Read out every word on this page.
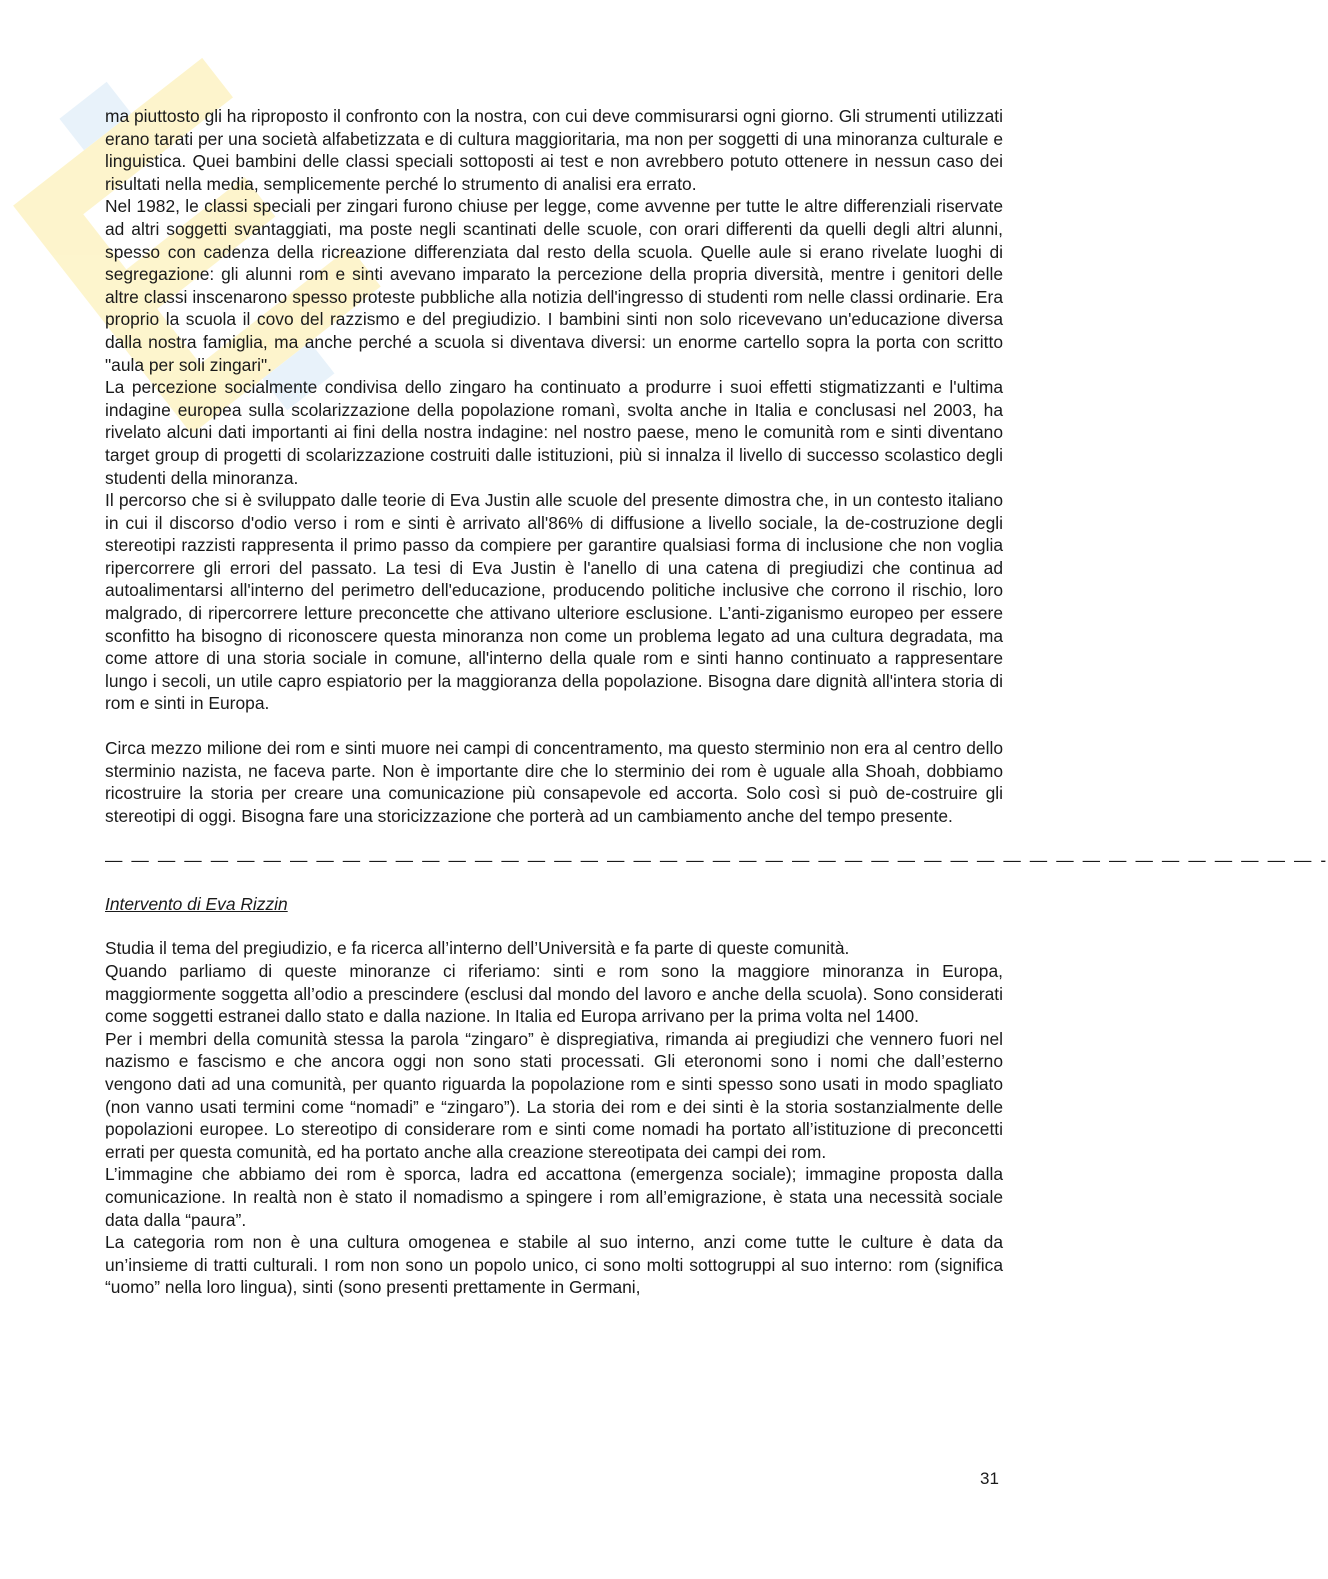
ma piuttosto gli ha riproposto il confronto con la nostra, con cui deve commisurarsi ogni giorno. Gli strumenti utilizzati erano tarati per una società alfabetizzata e di cultura maggioritaria, ma non per soggetti di una minoranza culturale e linguistica. Quei bambini delle classi speciali sottoposti ai test e non avrebbero potuto ottenere in nessun caso dei risultati nella media, semplicemente perché lo strumento di analisi era errato.

Nel 1982, le classi speciali per zingari furono chiuse per legge, come avvenne per tutte le altre differenziali riservate ad altri soggetti svantaggiati, ma poste negli scantinati delle scuole, con orari differenti da quelli degli altri alunni, spesso con cadenza della ricreazione differenziata dal resto della scuola. Quelle aule si erano rivelate luoghi di segregazione: gli alunni rom e sinti avevano imparato la percezione della propria diversità, mentre i genitori delle altre classi inscenarono spesso proteste pubbliche alla notizia dell'ingresso di studenti rom nelle classi ordinarie. Era proprio la scuola il covo del razzismo e del pregiudizio. I bambini sinti non solo ricevevano un'educazione diversa dalla nostra famiglia, ma anche perché a scuola si diventava diversi: un enorme cartello sopra la porta con scritto "aula per soli zingari".

La percezione socialmente condivisa dello zingaro ha continuato a produrre i suoi effetti stigmatizzanti e l'ultima indagine europea sulla scolarizzazione della popolazione romanì, svolta anche in Italia e conclusasi nel 2003, ha rivelato alcuni dati importanti ai fini della nostra indagine: nel nostro paese, meno le comunità rom e sinti diventano target group di progetti di scolarizzazione costruiti dalle istituzioni, più si innalza il livello di successo scolastico degli studenti della minoranza.

Il percorso che si è sviluppato dalle teorie di Eva Justin alle scuole del presente dimostra che, in un contesto italiano in cui il discorso d'odio verso i rom e sinti è arrivato all'86% di diffusione a livello sociale, la de-costruzione degli stereotipi razzisti rappresenta il primo passo da compiere per garantire qualsiasi forma di inclusione che non voglia ripercorrere gli errori del passato. La tesi di Eva Justin è l'anello di una catena di pregiudizi che continua ad autoalimentarsi all'interno del perimetro dell'educazione, producendo politiche inclusive che corrono il rischio, loro malgrado, di ripercorrere letture preconcette che attivano ulteriore esclusione. L’anti-ziganismo europeo per essere sconfitto ha bisogno di riconoscere questa minoranza non come un problema legato ad una cultura degradata, ma come attore di una storia sociale in comune, all'interno della quale rom e sinti hanno continuato a rappresentare lungo i secoli, un utile capro espiatorio per la maggioranza della popolazione. Bisogna dare dignità all'intera storia di rom e sinti in Europa.

Circa mezzo milione dei rom e sinti muore nei campi di concentramento, ma questo sterminio non era al centro dello sterminio nazista, ne faceva parte. Non è importante dire che lo sterminio dei rom è uguale alla Shoah, dobbiamo ricostruire la storia per creare una comunicazione più consapevole ed accorta. Solo così si può de-costruire gli stereotipi di oggi. Bisogna fare una storicizzazione che porterà ad un cambiamento anche del tempo presente.

— — — — — — — — — — — — — — — — — — — — — — — — — — — — — — — — — — — — — — — — — — — — — — -
Intervento di Eva Rizzin

Studia il tema del pregiudizio, e fa ricerca all’interno dell’Università e fa parte di queste comunità.

Quando parliamo di queste minoranze ci riferiamo: sinti e rom sono la maggiore minoranza in Europa, maggiormente soggetta all’odio a prescindere (esclusi dal mondo del lavoro e anche della scuola). Sono considerati come soggetti estranei dallo stato e dalla nazione. In Italia ed Europa arrivano per la prima volta nel 1400.

Per i membri della comunità stessa la parola “zingaro” è dispregiativa, rimanda ai pregiudizi che vennero fuori nel nazismo e fascismo e che ancora oggi non sono stati processati. Gli eteronomi sono i nomi che dall’esterno vengono dati ad una comunità, per quanto riguarda la popolazione rom e sinti spesso sono usati in modo spagliato (non vanno usati termini come “nomadi” e “zingaro”). La storia dei rom e dei sinti è la storia sostanzialmente delle popolazioni europee. Lo stereotipo di considerare rom e sinti come nomadi ha portato all’istituzione di preconcetti errati per questa comunità, ed ha portato anche alla creazione stereotipata dei campi dei rom.

L’immagine che abbiamo dei rom è sporca, ladra ed accattona (emergenza sociale); immagine proposta dalla comunicazione. In realtà non è stato il nomadismo a spingere i rom all’emigrazione, è stata una necessità sociale data dalla “paura”.

La categoria rom non è una cultura omogenea e stabile al suo interno, anzi come tutte le culture è data da un’insieme di tratti culturali. I rom non sono un popolo unico, ci sono molti sottogruppi al suo interno: rom (significa “uomo” nella loro lingua), sinti (sono presenti prettamente in Germani,

31
